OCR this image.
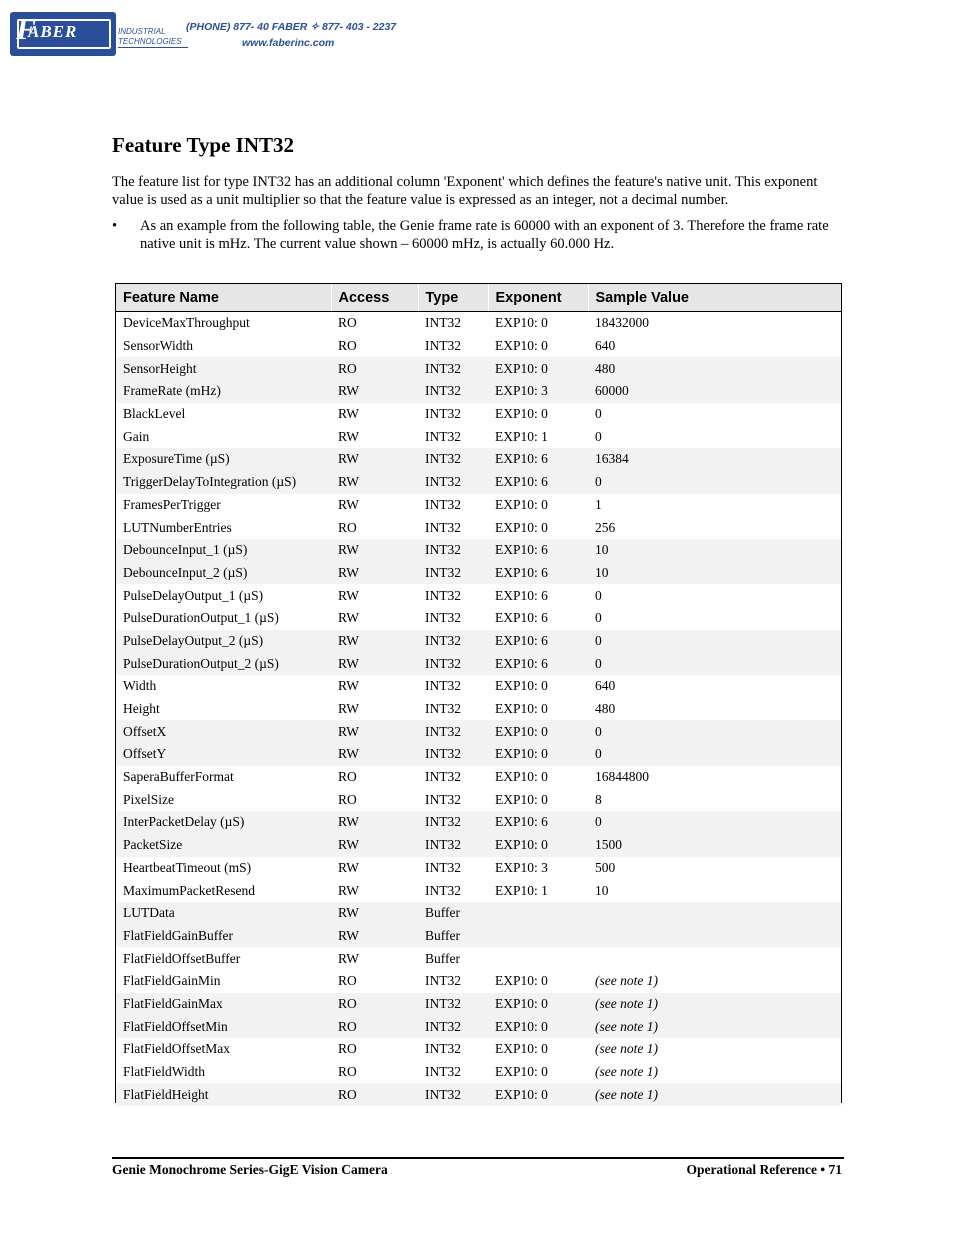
F
ABER	INDUSTRIAL
TECHNOLOGIES
(PHONE) 877- 40 FABER ✧ 877- 403 - 2237
www.faberinc.com
Feature Type INT32
The feature list for type INT32 has an additional column 'Exponent' which defines the feature's native unit. This exponent value is used as a unit multiplier so that the feature value is expressed as an integer, not a decimal number.
• As an example from the following table, the Genie frame rate is 60000 with an exponent of 3. Therefore the frame rate native unit is mHz. The current value shown – 60000 mHz, is actually 60.000 Hz.
Feature Name	Access	Type	Exponent	Sample Value
DeviceMaxThroughput	RO	INT32	EXP10: 0	18432000
SensorWidth	RO	INT32	EXP10: 0	640
SensorHeight	RO	INT32	EXP10: 0	480
FrameRate (mHz)	RW	INT32	EXP10: 3	60000
BlackLevel	RW	INT32	EXP10: 0	0
Gain	RW	INT32	EXP10: 1	0
ExposureTime (µS)	RW	INT32	EXP10: 6	16384
TriggerDelayToIntegration (µS)	RW	INT32	EXP10: 6	0
FramesPerTrigger	RW	INT32	EXP10: 0	1
LUTNumberEntries	RO	INT32	EXP10: 0	256
DebounceInput_1 (µS)	RW	INT32	EXP10: 6	10
DebounceInput_2 (µS)	RW	INT32	EXP10: 6	10
PulseDelayOutput_1 (µS)	RW	INT32	EXP10: 6	0
PulseDurationOutput_1 (µS)	RW	INT32	EXP10: 6	0
PulseDelayOutput_2 (µS)	RW	INT32	EXP10: 6	0
PulseDurationOutput_2 (µS)	RW	INT32	EXP10: 6	0
Width	RW	INT32	EXP10: 0	640
Height	RW	INT32	EXP10: 0	480
OffsetX	RW	INT32	EXP10: 0	0
OffsetY	RW	INT32	EXP10: 0	0
SaperaBufferFormat	RO	INT32	EXP10: 0	16844800
PixelSize	RO	INT32	EXP10: 0	8
InterPacketDelay (µS)	RW	INT32	EXP10: 6	0
PacketSize	RW	INT32	EXP10: 0	1500
HeartbeatTimeout (mS)	RW	INT32	EXP10: 3	500
MaximumPacketResend	RW	INT32	EXP10: 1	10
LUTData	RW	Buffer		
FlatFieldGainBuffer	RW	Buffer		
FlatFieldOffsetBuffer	RW	Buffer		
FlatFieldGainMin	RO	INT32	EXP10: 0	(see note 1)
FlatFieldGainMax	RO	INT32	EXP10: 0	(see note 1)
FlatFieldOffsetMin	RO	INT32	EXP10: 0	(see note 1)
FlatFieldOffsetMax	RO	INT32	EXP10: 0	(see note 1)
FlatFieldWidth	RO	INT32	EXP10: 0	(see note 1)
FlatFieldHeight	RO	INT32	EXP10: 0	(see note 1)
Genie Monochrome Series-GigE Vision Camera	Operational Reference • 71
